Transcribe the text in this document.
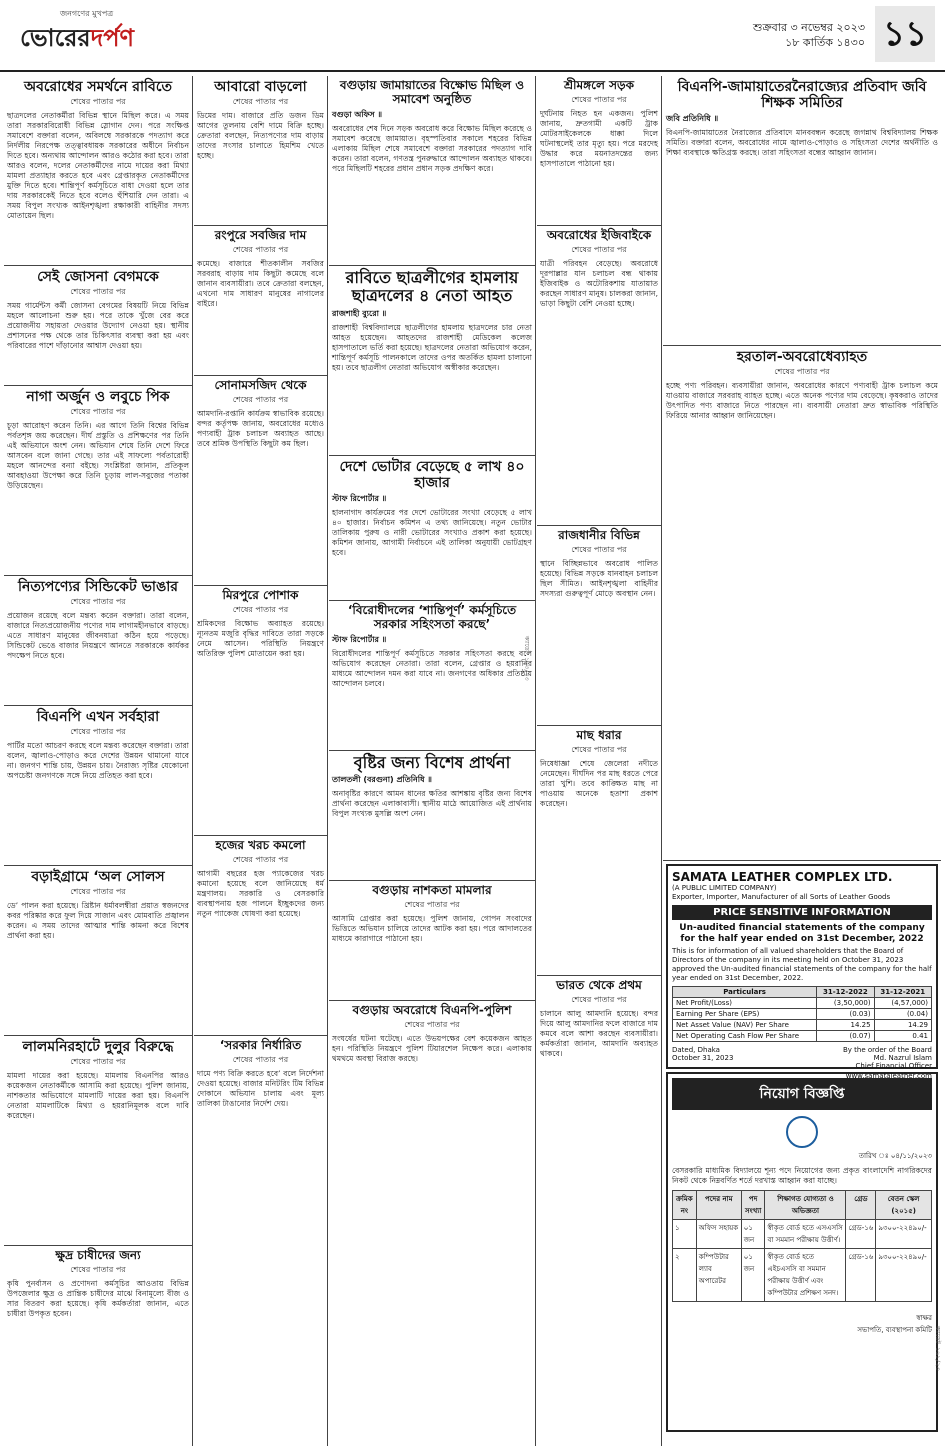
জনগণের মুখপত্র
ভোরেরদর্পণ	শুক্রবার ৩ নভেম্বর ২০২৩
১৮ কার্তিক ১৪৩০ ১১
অবরোধের সমর্থনে রাবিতে
শেষের পাতার পর

ছাত্রদলের নেতাকর্মীরা বিভিন্ন স্থানে মিছিল করে। এ সময় তারা সরকারবিরোধী বিভিন্ন স্লোগান দেন। পরে সংক্ষিপ্ত সমাবেশে বক্তারা বলেন, অবিলম্বে সরকারকে পদত্যাগ করে নির্দলীয় নিরপেক্ষ তত্ত্বাবধায়ক সরকারের অধীনে নির্বাচন দিতে হবে। অন্যথায় আন্দোলন আরও কঠোর করা হবে। তারা আরও বলেন, দলের নেতাকর্মীদের নামে দায়ের করা মিথ্যা মামলা প্রত্যাহার করতে হবে এবং গ্রেপ্তারকৃত নেতাকর্মীদের মুক্তি দিতে হবে। শান্তিপূর্ণ কর্মসূচিতে বাধা দেওয়া হলে তার দায় সরকারকেই নিতে হবে বলেও হুঁশিয়ারি দেন তারা। এ সময় বিপুল সংখ্যক আইনশৃঙ্খলা রক্ষাকারী বাহিনীর সদস্য মোতায়েন ছিল।

সেই জোসনা বেগমকে
শেষের পাতার পর

সময় গার্মেন্টস কর্মী জোসনা বেগমের বিষয়টি নিয়ে বিভিন্ন মহলে আলোচনা শুরু হয়। পরে তাকে খুঁজে বের করে প্রয়োজনীয় সহায়তা দেওয়ার উদ্যোগ নেওয়া হয়। স্থানীয় প্রশাসনের পক্ষ থেকে তার চিকিৎসার ব্যবস্থা করা হয় এবং পরিবারের পাশে দাঁড়ানোর আশ্বাস দেওয়া হয়।

নাগা অর্জুন ও লবুচে পিক
শেষের পাতার পর

চূড়া আরোহণ করেন তিনি। এর আগে তিনি বিশ্বের বিভিন্ন পর্বতশৃঙ্গ জয় করেছেন। দীর্ঘ প্রস্তুতি ও প্রশিক্ষণের পর তিনি এই অভিযানে অংশ নেন। অভিযান শেষে তিনি দেশে ফিরে আসবেন বলে জানা গেছে। তার এই সাফল্যে পর্বতারোহী মহলে আনন্দের বন্যা বইছে। সংশ্লিষ্টরা জানান, প্রতিকূল আবহাওয়া উপেক্ষা করে তিনি চূড়ায় লাল-সবুজের পতাকা উড়িয়েছেন।

নিত্যপণ্যের সিন্ডিকেট ভাঙার
শেষের পাতার পর

প্রয়োজন রয়েছে বলে মন্তব্য করেন বক্তারা। তারা বলেন, বাজারে নিত্যপ্রয়োজনীয় পণ্যের দাম লাগামহীনভাবে বাড়ছে। এতে সাধারণ মানুষের জীবনযাত্রা কঠিন হয়ে পড়েছে। সিন্ডিকেট ভেঙে বাজার নিয়ন্ত্রণে আনতে সরকারকে কার্যকর পদক্ষেপ নিতে হবে।

বিএনপি এখন সর্বহারা
শেষের পাতার পর

পার্টির মতো আচরণ করছে বলে মন্তব্য করেছেন বক্তারা। তারা বলেন, জ্বালাও-পোড়াও করে দেশের উন্নয়ন থামানো যাবে না। জনগণ শান্তি চায়, উন্নয়ন চায়। নৈরাজ্য সৃষ্টির যেকোনো অপচেষ্টা জনগণকে সঙ্গে নিয়ে প্রতিহত করা হবে।

বড়াইগ্রামে ‘অল সোলস
শেষের পাতার পর

ডে’ পালন করা হয়েছে। খ্রিষ্টান ধর্মাবলম্বীরা প্রয়াত স্বজনদের কবর পরিষ্কার করে ফুল দিয়ে সাজান এবং মোমবাতি প্রজ্বালন করেন। এ সময় তাদের আত্মার শান্তি কামনা করে বিশেষ প্রার্থনা করা হয়।

লালমনিরহাটে দুলুর বিরুদ্ধে
শেষের পাতার পর

মামলা দায়ের করা হয়েছে। মামলায় বিএনপির আরও কয়েকজন নেতাকর্মীকে আসামি করা হয়েছে। পুলিশ জানায়, নাশকতার অভিযোগে মামলাটি দায়ের করা হয়। বিএনপি নেতারা মামলাটিকে মিথ্যা ও হয়রানিমূলক বলে দাবি করেছেন।

ক্ষুদ্র চাষীদের জন্য
শেষের পাতার পর

কৃষি পুনর্বাসন ও প্রণোদনা কর্মসূচির আওতায় বিভিন্ন উপজেলার ক্ষুদ্র ও প্রান্তিক চাষীদের মাঝে বিনামূল্যে বীজ ও সার বিতরণ করা হয়েছে। কৃষি কর্মকর্তারা জানান, এতে চাষীরা উপকৃত হবেন।

আবারো বাড়লো
শেষের পাতার পর

ডিমের দাম। বাজারে প্রতি ডজন ডিম আগের তুলনায় বেশি দামে বিক্রি হচ্ছে। ক্রেতারা বলছেন, নিত্যপণ্যের দাম বাড়ায় তাদের সংসার চালাতে হিমশিম খেতে হচ্ছে।

রংপুরে সবজির দাম
শেষের পাতার পর

কমেছে। বাজারে শীতকালীন সবজির সরবরাহ বাড়ায় দাম কিছুটা কমেছে বলে জানান ব্যবসায়ীরা। তবে ক্রেতারা বলছেন, এখনো দাম সাধারণ মানুষের নাগালের বাইরে।

সোনামসজিদ থেকে
শেষের পাতার পর

আমদানি-রপ্তানি কার্যক্রম স্বাভাবিক রয়েছে। বন্দর কর্তৃপক্ষ জানায়, অবরোধের মধ্যেও পণ্যবাহী ট্রাক চলাচল অব্যাহত আছে। তবে শ্রমিক উপস্থিতি কিছুটা কম ছিল।

মিরপুরে পোশাক
শেষের পাতার পর

শ্রমিকদের বিক্ষোভ অব্যাহত রয়েছে। ন্যূনতম মজুরি বৃদ্ধির দাবিতে তারা সড়কে নেমে আসেন। পরিস্থিতি নিয়ন্ত্রণে অতিরিক্ত পুলিশ মোতায়েন করা হয়।

হজের খরচ কমলো
শেষের পাতার পর

আগামী বছরের হজ প্যাকেজের খরচ কমানো হয়েছে বলে জানিয়েছে ধর্ম মন্ত্রণালয়। সরকারি ও বেসরকারি ব্যবস্থাপনায় হজ পালনে ইচ্ছুকদের জন্য নতুন প্যাকেজ ঘোষণা করা হয়েছে।

‘সরকার নির্ধারিত
শেষের পাতার পর

দামে পণ্য বিক্রি করতে হবে’ বলে নির্দেশনা দেওয়া হয়েছে। বাজার মনিটরিং টিম বিভিন্ন দোকানে অভিযান চালায় এবং মূল্য তালিকা টাঙানোর নির্দেশ দেয়।

বগুড়ায় জামায়াতের বিক্ষোভ মিছিল ও সমাবেশ অনুষ্ঠিত
বগুড়া অফিস ॥

অবরোধের শেষ দিনে সড়ক অবরোধ করে বিক্ষোভ মিছিল করেছে ও সমাবেশ করেছে জামায়াত। বৃহস্পতিবার সকালে শহরের বিভিন্ন এলাকায় মিছিল শেষে সমাবেশে বক্তারা সরকারের পদত্যাগ দাবি করেন। তারা বলেন, গণতন্ত্র পুনরুদ্ধারে আন্দোলন অব্যাহত থাকবে। পরে মিছিলটি শহরের প্রধান প্রধান সড়ক প্রদক্ষিণ করে।

রাবিতে ছাত্রলীগের হামলায় ছাত্রদলের ৪ নেতা আহত
রাজশাহী ব্যুরো ॥

রাজশাহী বিশ্ববিদ্যালয়ে ছাত্রলীগের হামলায় ছাত্রদলের চার নেতা আহত হয়েছেন। আহতদের রাজশাহী মেডিকেল কলেজ হাসপাতালে ভর্তি করা হয়েছে। ছাত্রদলের নেতারা অভিযোগ করেন, শান্তিপূর্ণ কর্মসূচি পালনকালে তাদের ওপর অতর্কিত হামলা চালানো হয়। তবে ছাত্রলীগ নেতারা অভিযোগ অস্বীকার করেছেন।

দেশে ভোটার বেড়েছে ৫ লাখ ৪০ হাজার
স্টাফ রিপোর্টার ॥

হালনাগাদ কার্যক্রমের পর দেশে ভোটারের সংখ্যা বেড়েছে ৫ লাখ ৪০ হাজার। নির্বাচন কমিশন এ তথ্য জানিয়েছে। নতুন ভোটার তালিকায় পুরুষ ও নারী ভোটারের সংখ্যাও প্রকাশ করা হয়েছে। কমিশন জানায়, আগামী নির্বাচনে এই তালিকা অনুযায়ী ভোটগ্রহণ হবে।

‘বিরোধীদলের ‘শান্তিপূর্ণ’ কর্মসূচিতে সরকার সহিংসতা করছে’
স্টাফ রিপোর্টার ॥

বিরোধীদলের শান্তিপূর্ণ কর্মসূচিতে সরকার সহিংসতা করছে বলে অভিযোগ করেছেন নেতারা। তারা বলেন, গ্রেপ্তার ও হয়রানির মাধ্যমে আন্দোলন দমন করা যাবে না। জনগণের অধিকার প্রতিষ্ঠায় আন্দোলন চলবে।

বৃষ্টির জন্য বিশেষ প্রার্থনা
তালতলী (বরগুনা) প্রতিনিধি ॥

অনাবৃষ্টির কারণে আমন ধানের ক্ষতির আশঙ্কায় বৃষ্টির জন্য বিশেষ প্রার্থনা করেছেন এলাকাবাসী। স্থানীয় মাঠে আয়োজিত এই প্রার্থনায় বিপুল সংখ্যক মুসল্লি অংশ নেন।

বগুড়ায় নাশকতা মামলার
শেষের পাতার পর

আসামি গ্রেপ্তার করা হয়েছে। পুলিশ জানায়, গোপন সংবাদের ভিত্তিতে অভিযান চালিয়ে তাদের আটক করা হয়। পরে আদালতের মাধ্যমে কারাগারে পাঠানো হয়।

বগুড়ায় অবরোধে বিএনপি-পুলিশ
শেষের পাতার পর

সংঘর্ষের ঘটনা ঘটেছে। এতে উভয়পক্ষের বেশ কয়েকজন আহত হন। পরিস্থিতি নিয়ন্ত্রণে পুলিশ টিয়ারশেল নিক্ষেপ করে। এলাকায় থমথমে অবস্থা বিরাজ করছে।

ক্যাডেট ১৬৩/২৩
শ্রীমঙ্গলে সড়ক
শেষের পাতার পর

দুর্ঘটনায় নিহত হন একজন। পুলিশ জানায়, দ্রুতগামী একটি ট্রাক মোটরসাইকেলকে ধাক্কা দিলে ঘটনাস্থলেই তার মৃত্যু হয়। পরে মরদেহ উদ্ধার করে ময়নাতদন্তের জন্য হাসপাতালে পাঠানো হয়।

অবরোধের ইজিবাইকে
শেষের পাতার পর

যাত্রী পরিবহন বেড়েছে। অবরোধে দূরপাল্লার যান চলাচল বন্ধ থাকায় ইজিবাইক ও অটোরিকশায় যাতায়াত করছেন সাধারণ মানুষ। চালকরা জানান, ভাড়া কিছুটা বেশি নেওয়া হচ্ছে।

রাজধানীর বিভিন্ন
শেষের পাতার পর

স্থানে বিচ্ছিন্নভাবে অবরোধ পালিত হয়েছে। বিভিন্ন সড়কে যানবাহন চলাচল ছিল সীমিত। আইনশৃঙ্খলা বাহিনীর সদস্যরা গুরুত্বপূর্ণ মোড়ে অবস্থান নেন।

মাছ ধরার
শেষের পাতার পর

নিষেধাজ্ঞা শেষে জেলেরা নদীতে নেমেছেন। দীর্ঘদিন পর মাছ ধরতে পেরে তারা খুশি। তবে কাঙ্ক্ষিত মাছ না পাওয়ায় অনেকে হতাশা প্রকাশ করেছেন।

ভারত থেকে প্রথম
শেষের পাতার পর

চালানে আলু আমদানি হয়েছে। বন্দর দিয়ে আলু আমদানির ফলে বাজারে দাম কমবে বলে আশা করছেন ব্যবসায়ীরা। কর্মকর্তারা জানান, আমদানি অব্যাহত থাকবে।

বিএনপি-জামায়াতেরনৈরাজ্যের প্রতিবাদ জবি শিক্ষক সমিতির
জবি প্রতিনিধি ॥

বিএনপি-জামায়াতের নৈরাজ্যের প্রতিবাদে মানববন্ধন করেছে জগন্নাথ বিশ্ববিদ্যালয় শিক্ষক সমিতি। বক্তারা বলেন, অবরোধের নামে জ্বালাও-পোড়াও ও সহিংসতা দেশের অর্থনীতি ও শিক্ষা ব্যবস্থাকে ক্ষতিগ্রস্ত করছে। তারা সহিংসতা বন্ধের আহ্বান জানান।

হরতাল-অবরোধেব্যাহত
শেষের পাতার পর

হচ্ছে পণ্য পরিবহন। ব্যবসায়ীরা জানান, অবরোধের কারণে পণ্যবাহী ট্রাক চলাচল কমে যাওয়ায় বাজারে সরবরাহ ব্যাহত হচ্ছে। এতে অনেক পণ্যের দাম বেড়েছে। কৃষকরাও তাদের উৎপাদিত পণ্য বাজারে নিতে পারছেন না। ব্যবসায়ী নেতারা দ্রুত স্বাভাবিক পরিস্থিতি ফিরিয়ে আনার আহ্বান জানিয়েছেন।

SAMATA LEATHER COMPLEX LTD.
(A PUBLIC LIMITED COMPANY)
Exporter, Importer, Manufacturer of all Sorts of Leather Goods
PRICE SENSITIVE INFORMATION
Un-audited financial statements of the company for the half year ended on 31st December, 2022
This is for information of all valued shareholders that the Board of Directors of the company in its meeting held on October 31, 2023 approved the Un-audited financial statements of the company for the half year ended on 31st December, 2022.
Particulars	31-12-2022	31-12-2021
Net Profit/(Loss)	(3,50,000)	(4,57,000)
Earning Per Share (EPS)	(0.03)	(0.04)
Net Asset Value (NAV) Per Share	14.25	14.29
Net Operating Cash Flow Per Share	(0.07)	0.41
Dated, Dhaka
October 31, 2023
By the order of the Board
Md. Nazrul Islam
Chief Financial Officer
www.samataleather.com
নিয়োগ বিজ্ঞপ্তি
তারিখ ঃ ০৪/১১/২০২৩

বেসরকারি মাধ্যমিক বিদ্যালয়ে শূন্য পদে নিয়োগের জন্য প্রকৃত বাংলাদেশি নাগরিকদের নিকট থেকে নিম্নবর্ণিত শর্তে দরখাস্ত আহ্বান করা যাচ্ছে।

ক্রমিক নং	পদের নাম	পদ সংখ্যা	শিক্ষাগত যোগ্যতা ও অভিজ্ঞতা	গ্রেড	বেতন স্কেল (২০১৫)
১	অফিস সহায়ক	০১ জন	স্বীকৃত বোর্ড হতে এসএসসি বা সমমান পরীক্ষায় উত্তীর্ণ।	গ্রেড-১৬	৯৩০০-২২৪৯০/-
২	কম্পিউটার ল্যাব অপারেটর	০১ জন	স্বীকৃত বোর্ড হতে এইচএসসি বা সমমান পরীক্ষায় উত্তীর্ণ এবং কম্পিউটার প্রশিক্ষণ সনদ।	গ্রেড-১৬	৯৩০০-২২৪৯০/-
স্বাক্ষর
সভাপতি, ব্যবস্থাপনা কমিটি ক্যাডেট ১৬১/২৩
